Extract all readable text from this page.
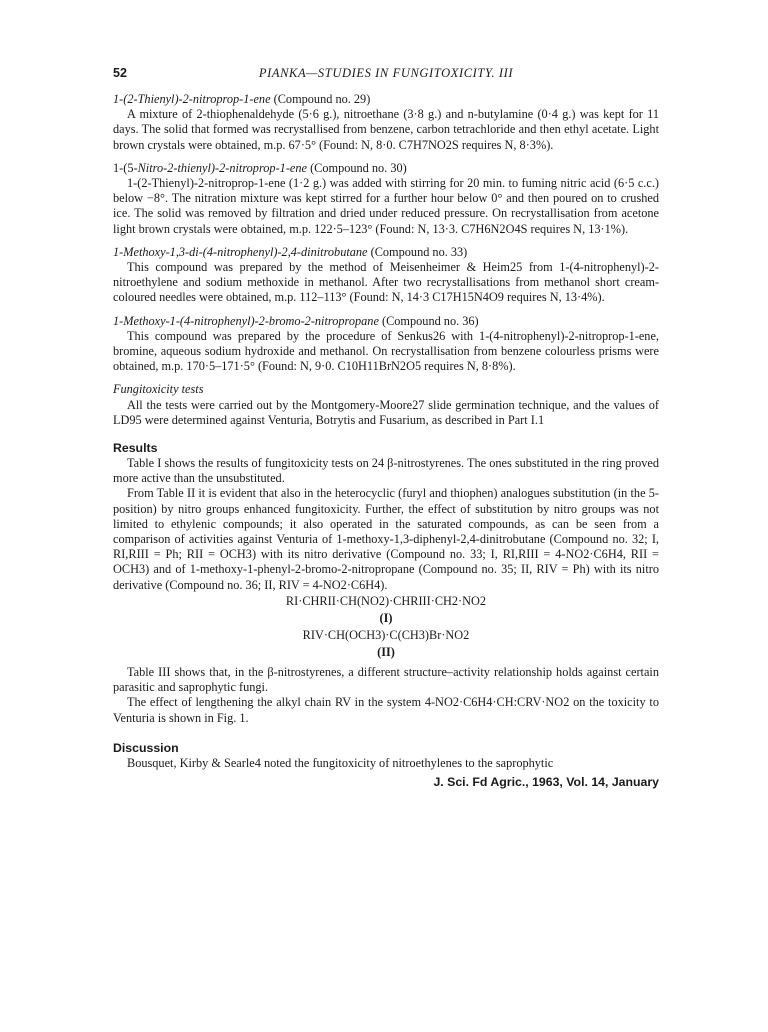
52	PIANKA—STUDIES IN FUNGITOXICITY. III

1-(2-Thienyl)-2-nitroprop-1-ene (Compound no. 29)

A mixture of 2-thiophenaldehyde (5·6 g.), nitroethane (3·8 g.) and n-butylamine (0·4 g.) was kept for 11 days. The solid that formed was recrystallised from benzene, carbon tetrachloride and then ethyl acetate. Light brown crystals were obtained, m.p. 67·5° (Found: N, 8·0. C7H7NO2S requires N, 8·3%).

1-(5-Nitro-2-thienyl)-2-nitroprop-1-ene (Compound no. 30)

1-(2-Thienyl)-2-nitroprop-1-ene (1·2 g.) was added with stirring for 20 min. to fuming nitric acid (6·5 c.c.) below −8°. The nitration mixture was kept stirred for a further hour below 0° and then poured on to crushed ice. The solid was removed by filtration and dried under reduced pressure. On recrystallisation from acetone light brown crystals were obtained, m.p. 122·5–123° (Found: N, 13·3. C7H6N2O4S requires N, 13·1%).

1-Methoxy-1,3-di-(4-nitrophenyl)-2,4-dinitrobutane (Compound no. 33)

This compound was prepared by the method of Meisenheimer & Heim25 from 1-(4-nitrophenyl)-2-nitroethylene and sodium methoxide in methanol. After two recrystallisations from methanol short cream-coloured needles were obtained, m.p. 112–113° (Found: N, 14·3 C17H15N4O9 requires N, 13·4%).

1-Methoxy-1-(4-nitrophenyl)-2-bromo-2-nitropropane (Compound no. 36)

This compound was prepared by the procedure of Senkus26 with 1-(4-nitrophenyl)-2-nitroprop-1-ene, bromine, aqueous sodium hydroxide and methanol. On recrystallisation from benzene colourless prisms were obtained, m.p. 170·5–171·5° (Found: N, 9·0. C10H11BrN2O5 requires N, 8·8%).

Fungitoxicity tests

All the tests were carried out by the Montgomery-Moore27 slide germination technique, and the values of LD95 were determined against Venturia, Botrytis and Fusarium, as described in Part I.1

Results

Table I shows the results of fungitoxicity tests on 24 β-nitrostyrenes. The ones substituted in the ring proved more active than the unsubstituted.

From Table II it is evident that also in the heterocyclic (furyl and thiophen) analogues substitution (in the 5-position) by nitro groups enhanced fungitoxicity. Further, the effect of substitution by nitro groups was not limited to ethylenic compounds; it also operated in the saturated compounds, as can be seen from a comparison of activities against Venturia of 1-methoxy-1,3-diphenyl-2,4-dinitrobutane (Compound no. 32; I, RI,RIII = Ph; RII = OCH3) with its nitro derivative (Compound no. 33; I, RI,RIII = 4-NO2·C6H4, RII = OCH3) and of 1-methoxy-1-phenyl-2-bromo-2-nitropropane (Compound no. 35; II, RIV = Ph) with its nitro derivative (Compound no. 36; II, RIV = 4-NO2·C6H4).

RI·CHRII·CH(NO2)·CHRIII·CH2·NO2
(I)
RIV·CH(OCH3)·C(CH3)Br·NO2
(II)

Table III shows that, in the β-nitrostyrenes, a different structure–activity relationship holds against certain parasitic and saprophytic fungi.

The effect of lengthening the alkyl chain RV in the system 4-NO2·C6H4·CH:CRV·NO2 on the toxicity to Venturia is shown in Fig. 1.

Discussion

Bousquet, Kirby & Searle4 noted the fungitoxicity of nitroethylenes to the saprophytic

J. Sci. Fd Agric., 1963, Vol. 14, January
